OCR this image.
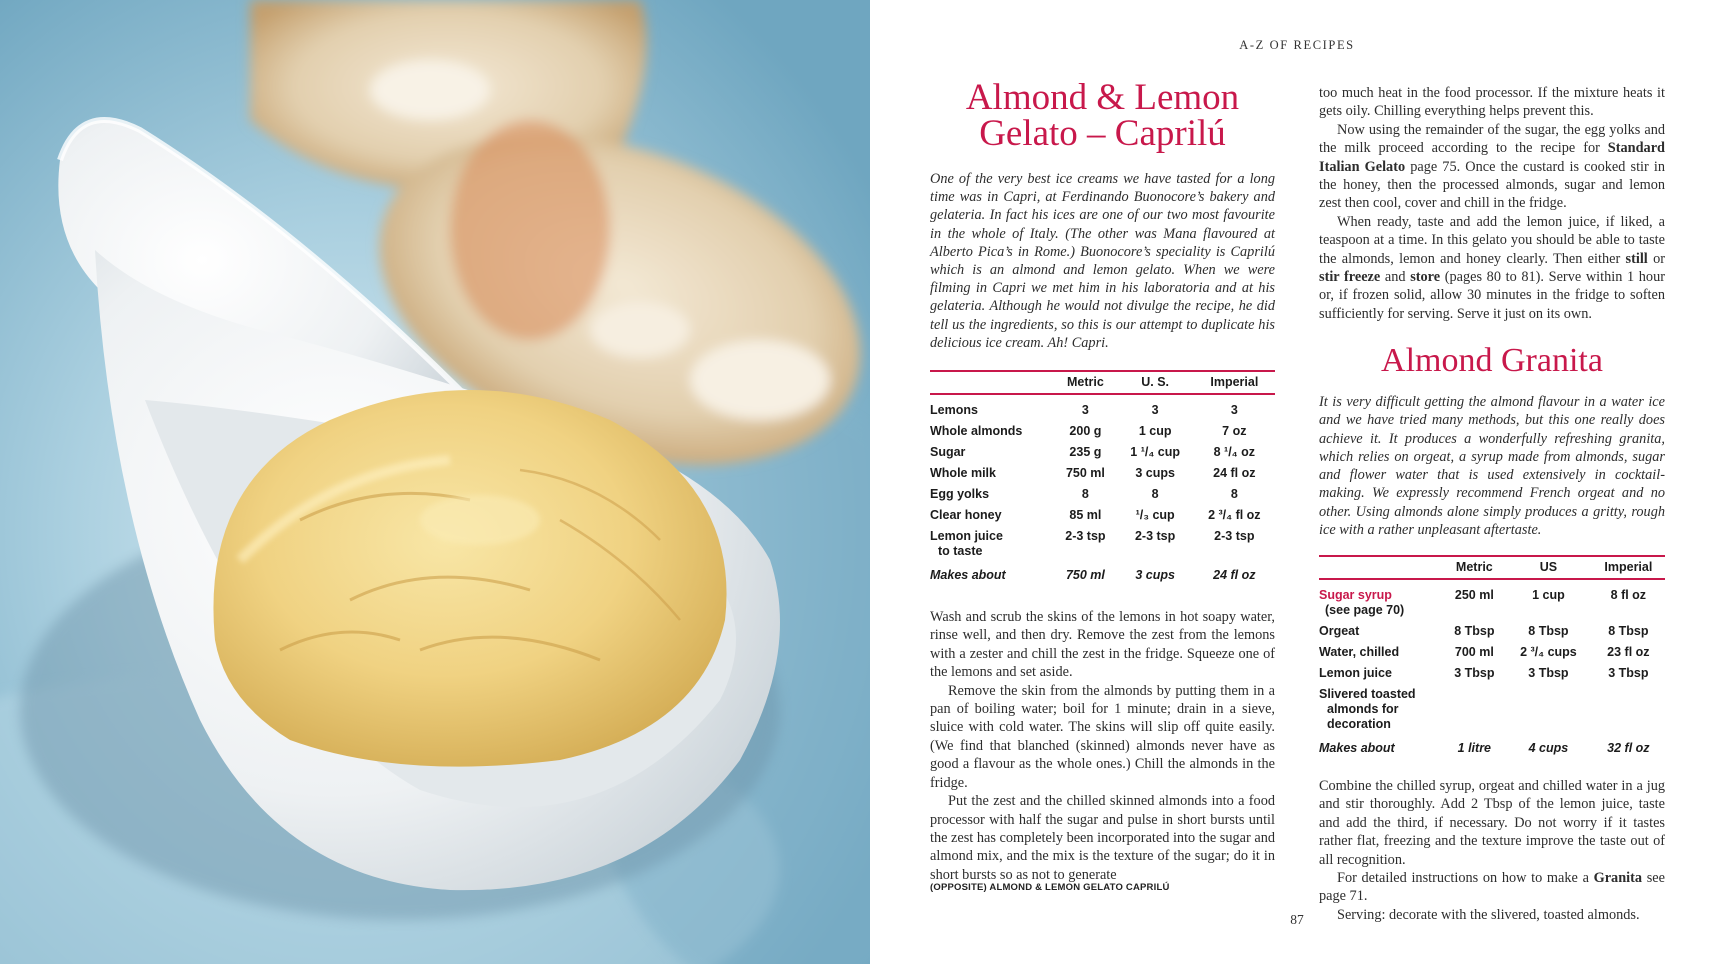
A-Z OF RECIPES
Almond & Lemon
Gelato – Caprilú

One of the very best ice creams we have tasted for a long time was in Capri, at Ferdinando Buonocore’s bakery and gelateria. In fact his ices are one of our two most favourite in the whole of Italy. (The other was Mana flavoured at Alberto Pica’s in Rome.) Buonocore’s speciality is Caprilú which is an almond and lemon gelato. When we were filming in Capri we met him in his laboratoria and at his gelateria. Although he would not divulge the recipe, he did tell us the ingredients, so this is our attempt to duplicate his delicious ice cream. Ah! Capri.

	Metric	U. S.	Imperial
Lemons	3	3	3
Whole almonds	200 g	1 cup	7 oz
Sugar	235 g	1 ¹/₄ cup	8 ¹/₄ oz
Whole milk	750 ml	3 cups	24 fl oz
Egg yolks	8	8	8
Clear honey	85 ml	¹/₃ cup	2 ³/₄ fl oz
Lemon juice
to taste	2-3 tsp	2-3 tsp	2-3 tsp
Makes about	750 ml	3 cups	24 fl oz

Wash and scrub the skins of the lemons in hot soapy water, rinse well, and then dry. Remove the zest from the lemons with a zester and chill the zest in the fridge. Squeeze one of the lemons and set aside.

Remove the skin from the almonds by putting them in a pan of boiling water; boil for 1 minute; drain in a sieve, sluice with cold water. The skins will slip off quite easily. (We find that blanched (skinned) almonds never have as good a flavour as the whole ones.) Chill the almonds in the fridge.

Put the zest and the chilled skinned almonds into a food processor with half the sugar and pulse in short bursts until the zest has completely been incorporated into the sugar and almond mix, and the mix is the texture of the sugar; do it in short bursts so as not to generate

too much heat in the food processor. If the mixture heats it gets oily. Chilling everything helps prevent this.

Now using the remainder of the sugar, the egg yolks and the milk proceed according to the recipe for Standard Italian Gelato page 75. Once the custard is cooked stir in the honey, then the processed almonds, sugar and lemon zest then cool, cover and chill in the fridge.

When ready, taste and add the lemon juice, if liked, a teaspoon at a time. In this gelato you should be able to taste the almonds, lemon and honey clearly. Then either still or stir freeze and store (pages 80 to 81). Serve within 1 hour or, if frozen solid, allow 30 minutes in the fridge to soften sufficiently for serving. Serve it just on its own.

Almond Granita

It is very difficult getting the almond flavour in a water ice and we have tried many methods, but this one really does achieve it. It produces a wonderfully refreshing granita, which relies on orgeat, a syrup made from almonds, sugar and flower water that is used extensively in cocktail-making. We expressly recommend French orgeat and no other. Using almonds alone simply produces a gritty, rough ice with a rather unpleasant aftertaste.

	Metric	US	Imperial
Sugar syrup
(see page 70)	250 ml	1 cup	8 fl oz
Orgeat	8 Tbsp	8 Tbsp	8 Tbsp
Water, chilled	700 ml	2 ³/₄ cups	23 fl oz
Lemon juice	3 Tbsp	3 Tbsp	3 Tbsp
Slivered toasted
almonds for
decoration			

Makes about	1 litre	4 cups	32 fl oz

Combine the chilled syrup, orgeat and chilled water in a jug and stir thoroughly. Add 2 Tbsp of the lemon juice, taste and add the third, if necessary. Do not worry if it tastes rather flat, freezing and the texture improve the taste out of all recognition.

For detailed instructions on how to make a Granita see page 71.

Serving: decorate with the slivered, toasted almonds.

(OPPOSITE) ALMOND & LEMON GELATO CAPRILÚ
87
